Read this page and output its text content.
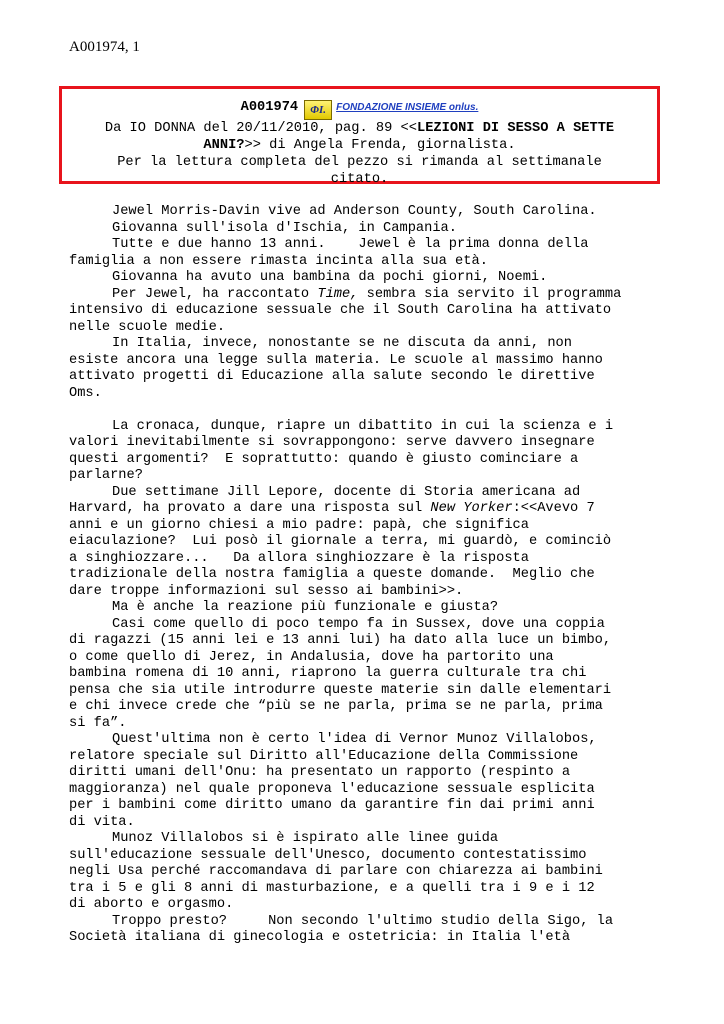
A001974, 1
A001974 ΦI. FONDAZIONE INSIEME onlus.
Da IO DONNA del 20/11/2010, pag. 89 <<LEZIONI DI SESSO A SETTE
ANNI?>> di Angela Frenda, giornalista.
Per la lettura completa del pezzo si rimanda al settimanale
citato.
Jewel Morris-Davin vive ad Anderson County, South Carolina.
Giovanna sull'isola d'Ischia, in Campania.
Tutte e due hanno 13 anni.    Jewel è la prima donna della
famiglia a non essere rimasta incinta alla sua età.
Giovanna ha avuto una bambina da pochi giorni, Noemi.
Per Jewel, ha raccontato Time, sembra sia servito il programma
intensivo di educazione sessuale che il South Carolina ha attivato
nelle scuole medie.
In Italia, invece, nonostante se ne discuta da anni, non
esiste ancora una legge sulla materia. Le scuole al massimo hanno
attivato progetti di Educazione alla salute secondo le direttive
Oms.
La cronaca, dunque, riapre un dibattito in cui la scienza e i
valori inevitabilmente si sovrappongono: serve davvero insegnare
questi argomenti?  E soprattutto: quando è giusto cominciare a
parlarne?
Due settimane Jill Lepore, docente di Storia americana ad
Harvard, ha provato a dare una risposta sul New Yorker:<<Avevo 7
anni e un giorno chiesi a mio padre: papà, che significa
eiaculazione?  Lui posò il giornale a terra, mi guardò, e cominciò
a singhiozzare...   Da allora singhiozzare è la risposta
tradizionale della nostra famiglia a queste domande.  Meglio che
dare troppe informazioni sul sesso ai bambini>>.
Ma è anche la reazione più funzionale e giusta?
Casi come quello di poco tempo fa in Sussex, dove una coppia
di ragazzi (15 anni lei e 13 anni lui) ha dato alla luce un bimbo,
o come quello di Jerez, in Andalusia, dove ha partorito una
bambina romena di 10 anni, riaprono la guerra culturale tra chi
pensa che sia utile introdurre queste materie sin dalle elementari
e chi invece crede che “più se ne parla, prima se ne parla, prima
si fa”.
Quest'ultima non è certo l'idea di Vernor Munoz Villalobos,
relatore speciale sul Diritto all'Educazione della Commissione
diritti umani dell'Onu: ha presentato un rapporto (respinto a
maggioranza) nel quale proponeva l'educazione sessuale esplicita
per i bambini come diritto umano da garantire fin dai primi anni
di vita.
Munoz Villalobos si è ispirato alle linee guida
sull'educazione sessuale dell'Unesco, documento contestatissimo
negli Usa perché raccomandava di parlare con chiarezza ai bambini
tra i 5 e gli 8 anni di masturbazione, e a quelli tra i 9 e i 12
di aborto e orgasmo.
Troppo presto?     Non secondo l'ultimo studio della Sigo, la
Società italiana di ginecologia e ostetricia: in Italia l'età
